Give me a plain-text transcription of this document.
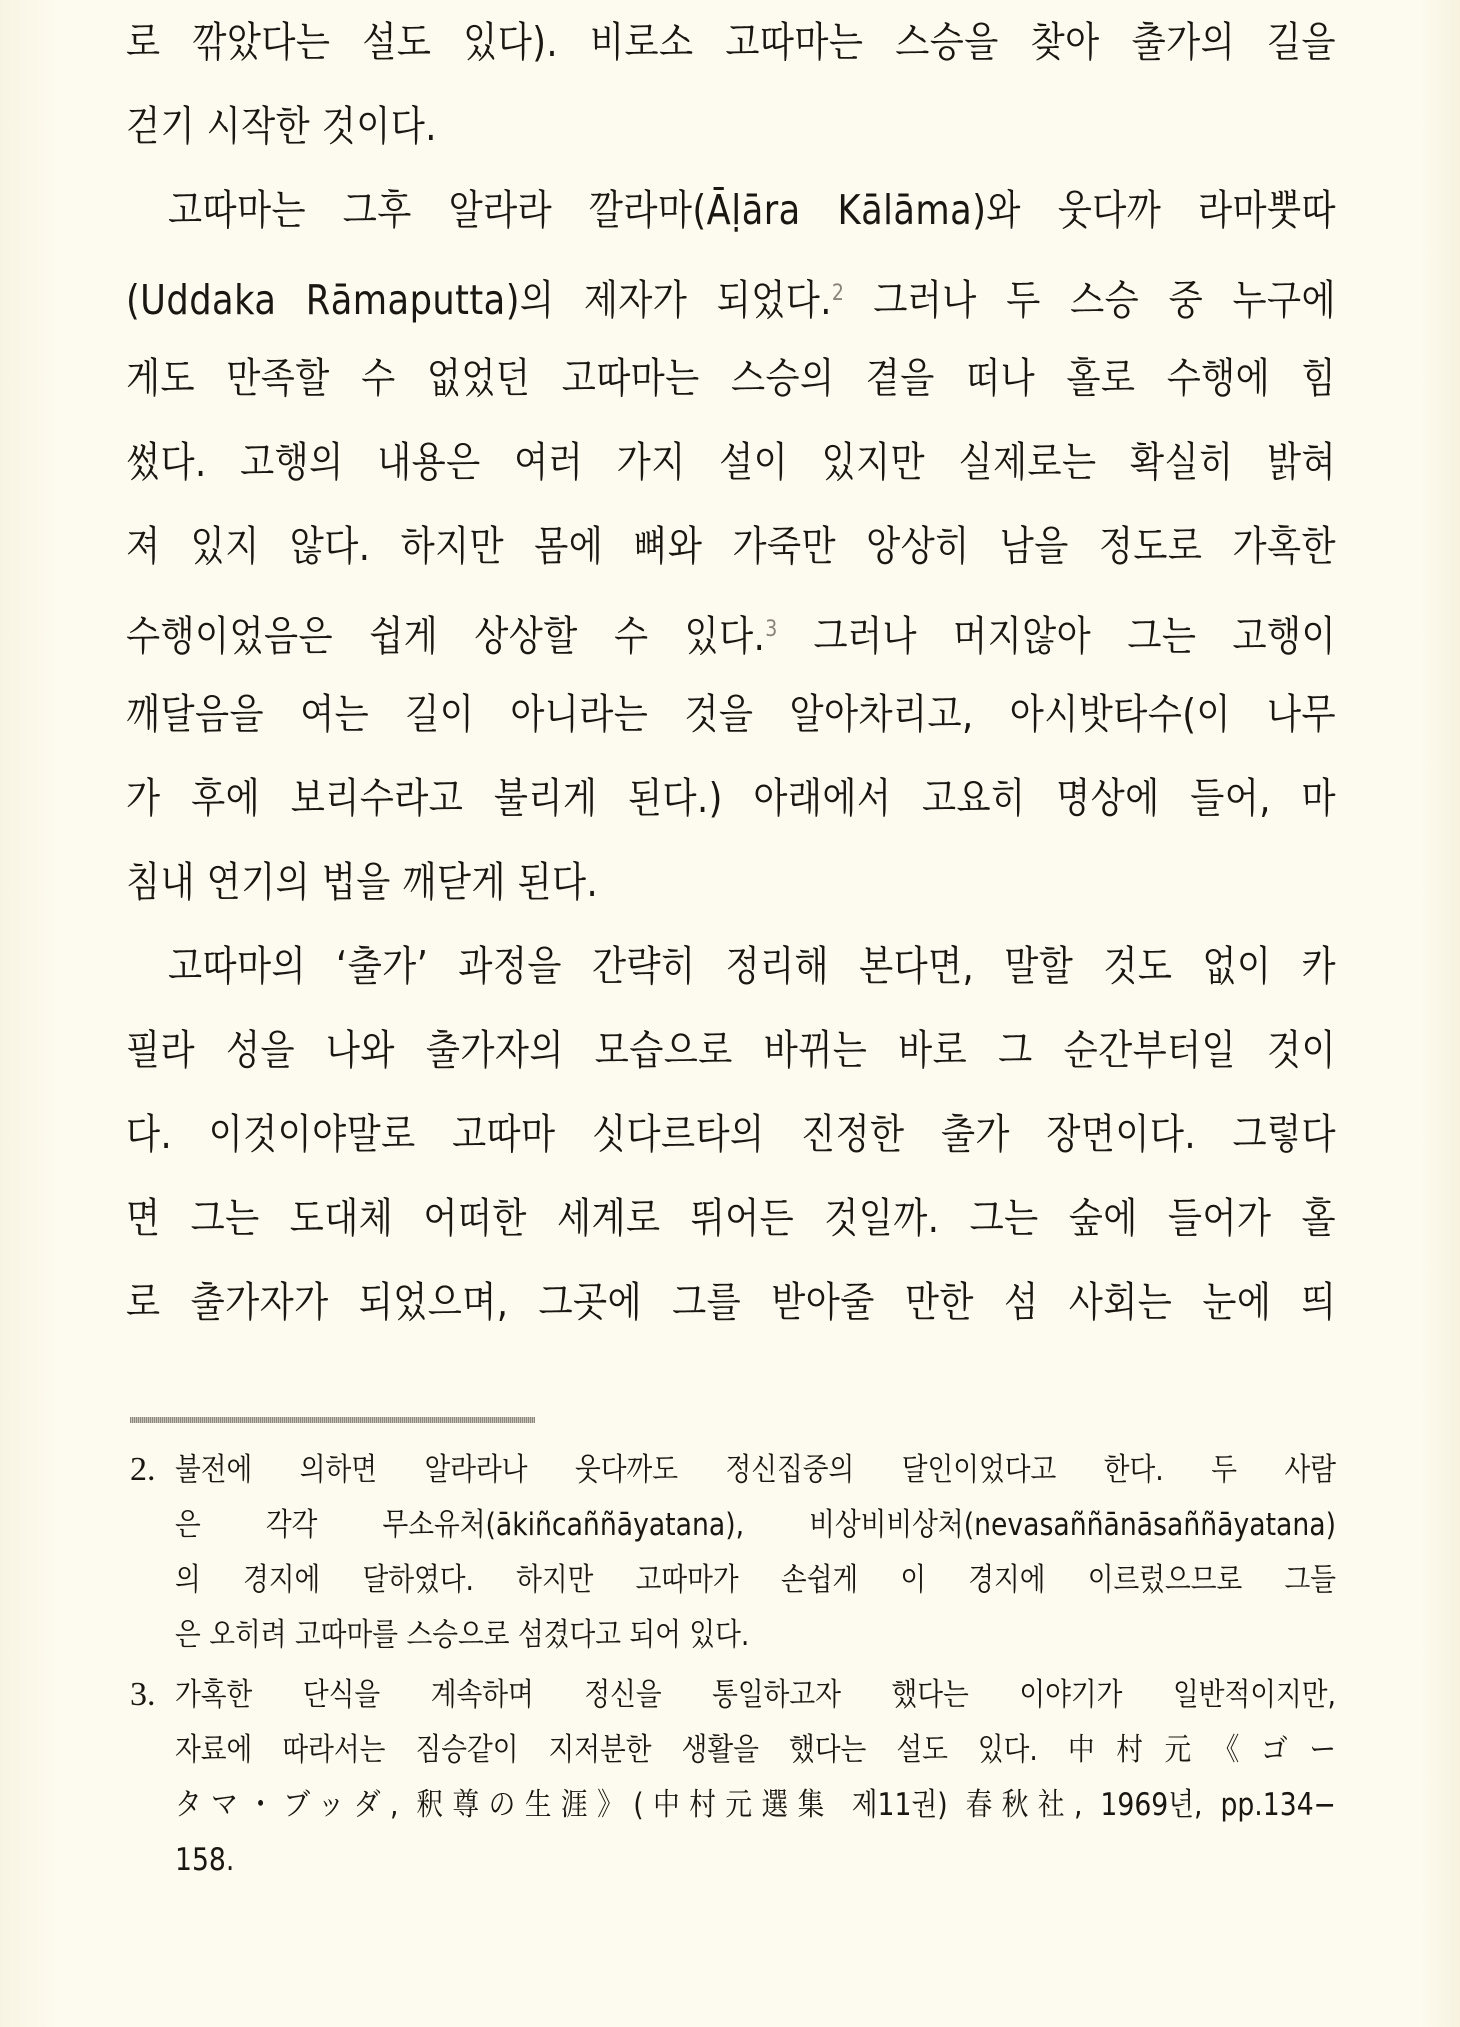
로 깎았다는 설도 있다). 비로소 고따마는 스승을 찾아 출가의 길을
걷기 시작한 것이다.
고따마는 그후 알라라 깔라마(Āḷāra Kālāma)와 웃다까 라마뿟따
(Uddaka Rāmaputta)의 제자가 되었다.$^2$ 그러나 두 스승 중 누구에
게도 만족할 수 없었던 고따마는 스승의 곁을 떠나 홀로 수행에 힘
썼다. 고행의 내용은 여러 가지 설이 있지만 실제로는 확실히 밝혀
져 있지 않다. 하지만 몸에 뼈와 가죽만 앙상히 남을 정도로 가혹한
수행이었음은 쉽게 상상할 수 있다.$^3$ 그러나 머지않아 그는 고행이
깨달음을 여는 길이 아니라는 것을 알아차리고, 아시밧타수(이 나무
가 후에 보리수라고 불리게 된다.) 아래에서 고요히 명상에 들어, 마
침내 연기의 법을 깨닫게 된다.
고따마의 ‘출가’ 과정을 간략히 정리해 본다면, 말할 것도 없이 카
필라 성을 나와 출가자의 모습으로 바뀌는 바로 그 순간부터일 것이
다. 이것이야말로 고따마 싯다르타의 진정한 출가 장면이다. 그렇다
면 그는 도대체 어떠한 세계로 뛰어든 것일까. 그는 숲에 들어가 홀
로 출가자가 되었으며, 그곳에 그를 받아줄 만한 섬 사회는 눈에 띄
2. 불전에 의하면 알라라나 웃다까도 정신집중의 달인이었다고 한다. 두 사람
은 각각 무소유처(ākiñcaññāyatana), 비상비비상처(nevasaññānāsaññāyatana)
의 경지에 달하였다. 하지만 고따마가 손쉽게 이 경지에 이르렀으므로 그들
은 오히려 고따마를 스승으로 섬겼다고 되어 있다.
3. 가혹한 단식을 계속하며 정신을 통일하고자 했다는 이야기가 일반적이지만,
자료에 따라서는 짐승같이 지저분한 생활을 했다는 설도 있다. 中村元《ゴー
タマ・ブッダ, 釈尊の生涯》(中村元選集 제11권) 春秋社, 1969년, pp.134−
158.
